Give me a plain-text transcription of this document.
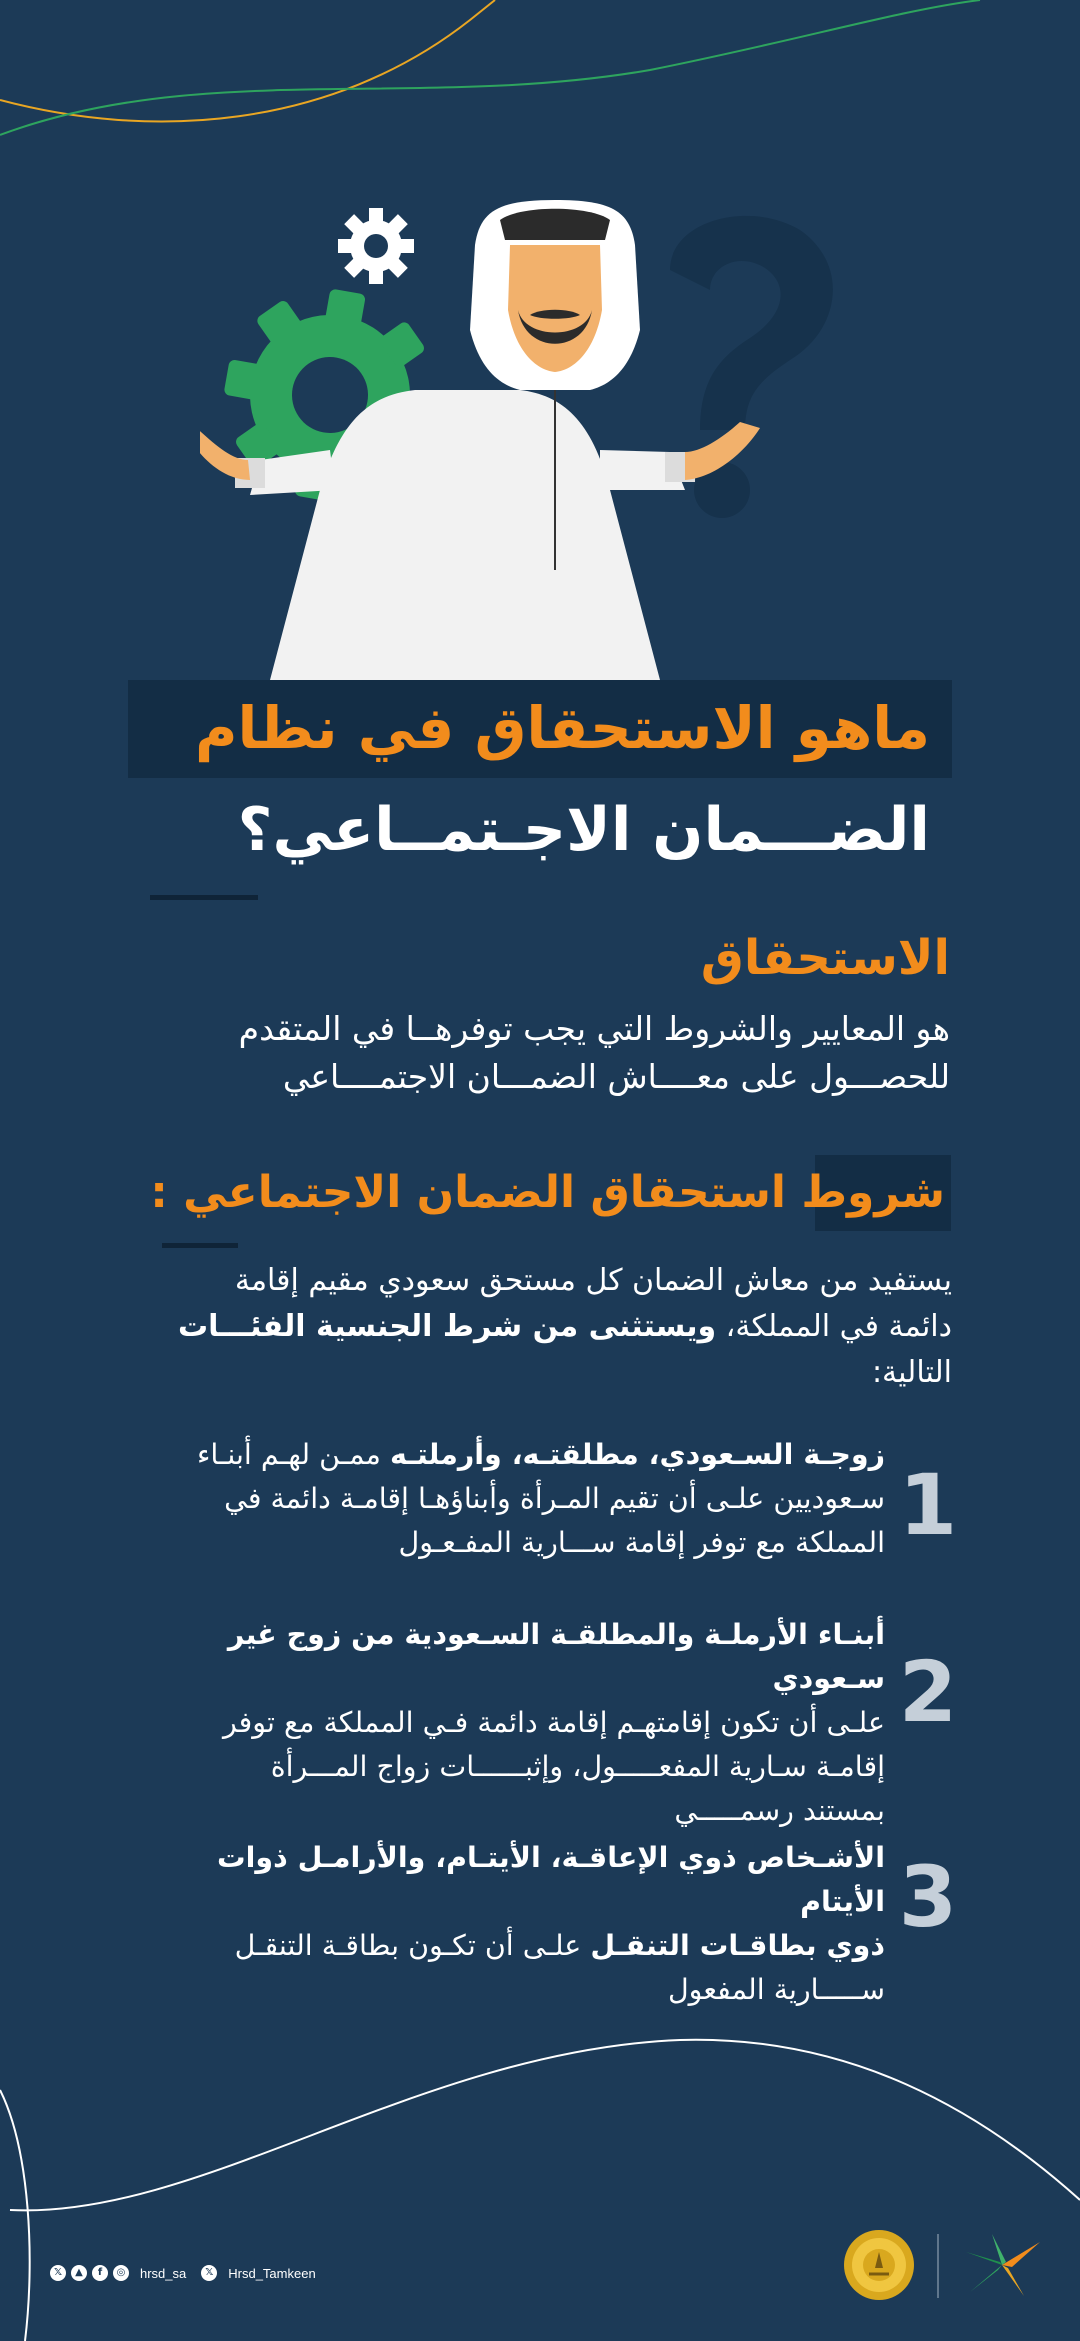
ماهو الاستحقاق في نظام
الضـــمان الاجـتمــاعي؟
الاستحقاق
هو المعايير والشروط التي يجب توفرهــا في المتقدم
للحصـــول على معــــاش الضمـــان الاجتمــــاعي
شروط استحقاق الضمان الاجتماعي :
يستفيد من معاش الضمان كل مستحق سعودي مقيم إقامة
دائمة في المملكة، ويستثنى من شرط الجنسية الفئـــات
التالية:
1
زوجـة السـعودي، مطلقتـه، وأرملتـه ممـن لهـم أبنـاء
سـعوديين علـى أن تقيم المـرأة وأبناؤهـا إقامـة دائمة في
المملكة مع توفر إقامة ســـارية المفـعـول
2
أبنـاء الأرملـة والمطلقـة السـعودية من زوج غير سـعودي
علـى أن تكون إقامتهـم إقامة دائمة فـي المملكة مع توفر
إقامـة سـارية المفعـــــول، وإثبــــــات زواج المـــرأة
بمستند رسمـــــي
3
الأشـخاص ذوي الإعاقـة، الأيتـام، والأرامـل ذوات الأيتام
ذوي بطاقـات التنقـل علـى أن تكـون بطاقـة التنقـل
ســـــارية المفعول
𝕏	▲	f	◎ hrsd_sa	𝕏	Hrsd_Tamkeen
